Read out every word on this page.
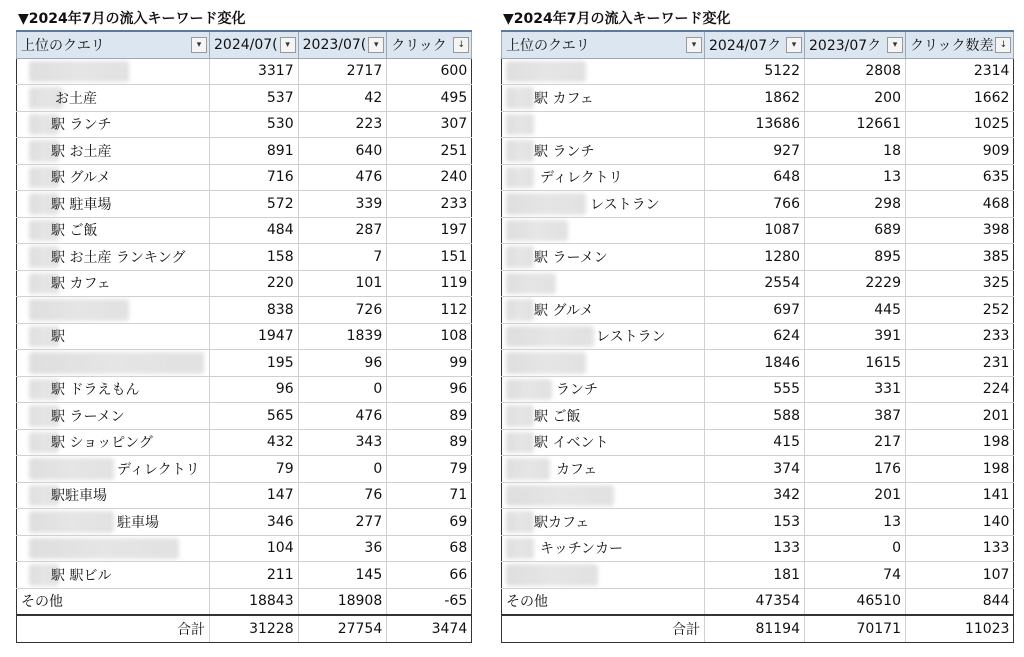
▼2024年7月の流入キーワード変化
上位のクエリ ▾	2024/07( ▾	2023/07( ▾	クリック ↓

	3317	2717	600

お土産	537	42	495

駅 ランチ	530	223	307

駅 お土産	891	640	251

駅 グルメ	716	476	240

駅 駐車場	572	339	233

駅 ご飯	484	287	197

駅 お土産 ランキング	158	7	151

駅 カフェ	220	101	119

	838	726	112

駅	1947	1839	108

	195	96	99

駅 ドラえもん	96	0	96

駅 ラーメン	565	476	89

駅 ショッピング	432	343	89

ディレクトリ	79	0	79

駅駐車場	147	76	71

駐車場	346	277	69

	104	36	68

駅 駅ビル	211	145	66
その他	18843	18908	-65
合計	31228	27754	3474
▼2024年7月の流入キーワード変化
上位のクエリ ▾	2024/07ク ▾	2023/07ク ▾	クリック数差 ↓

	5122	2808	2314

駅 カフェ	1862	200	1662

	13686	12661	1025

駅 ランチ	927	18	909

ディレクトリ	648	13	635

レストラン	766	298	468

	1087	689	398

駅 ラーメン	1280	895	385

	2554	2229	325

駅 グルメ	697	445	252

レストラン	624	391	233

	1846	1615	231

ランチ	555	331	224

駅 ご飯	588	387	201

駅 イベント	415	217	198

カフェ	374	176	198

	342	201	141

駅カフェ	153	13	140

キッチンカー	133	0	133

	181	74	107
その他	47354	46510	844
合計	81194	70171	11023
